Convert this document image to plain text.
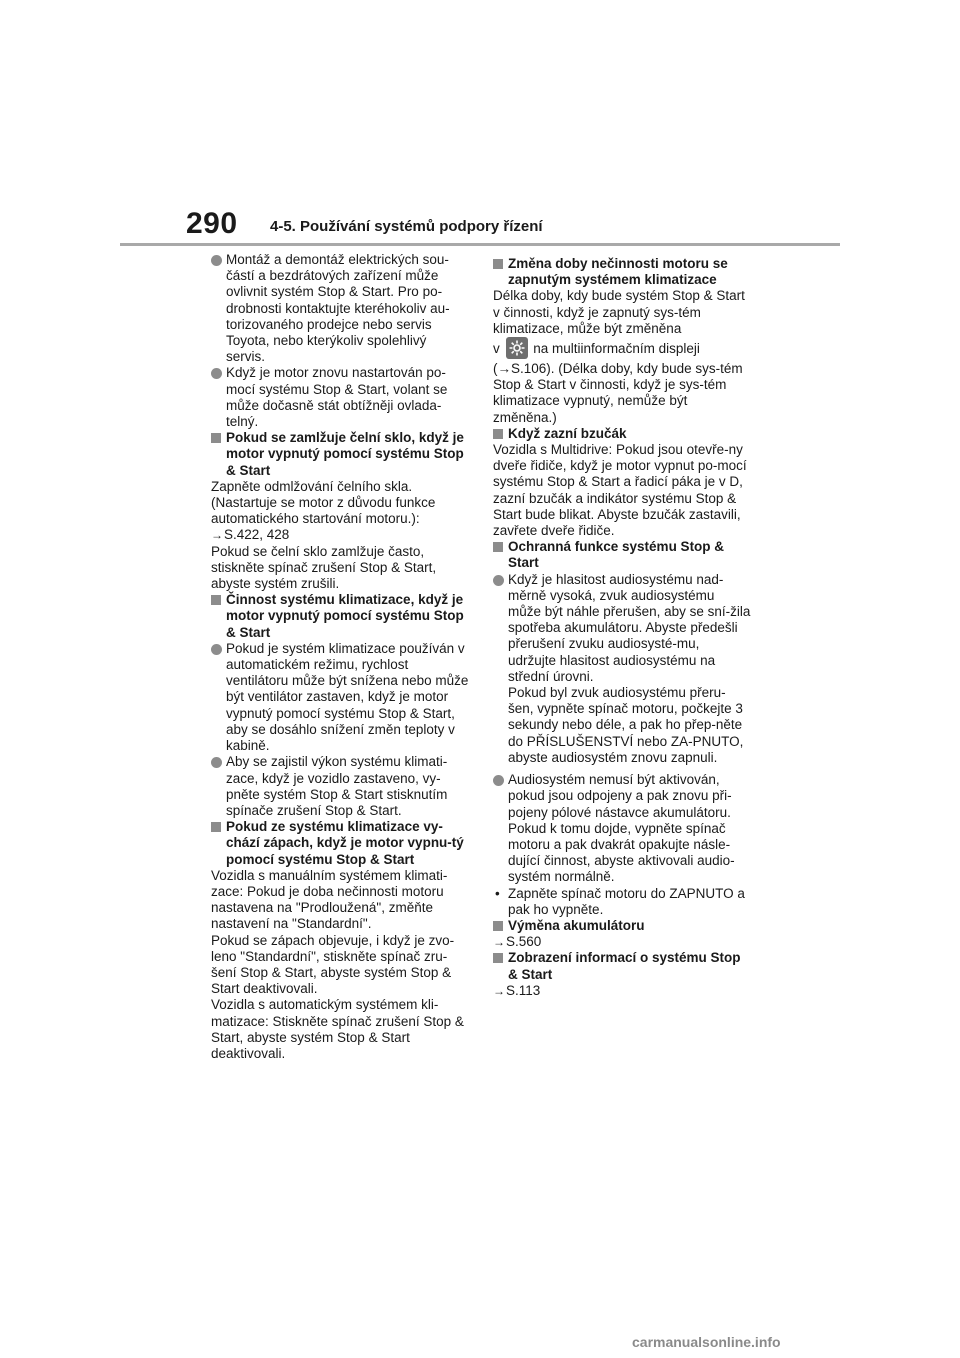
290 4-5. Používání systémů podpory řízení

Montáž a demontáž elektrických sou-částí a bezdrátových zařízení může ovlivnit systém Stop & Start. Pro po-drobnosti kontaktujte kteréhokoliv au-torizovaného prodejce nebo servis Toyota, nebo kterýkoliv spolehlivý servis.

Když je motor znovu nastartován po-mocí systému Stop & Start, volant se může dočasně stát obtížněji ovlada-telný.

Pokud se zamlžuje čelní sklo, když je motor vypnutý pomocí systému Stop & Start

Zapněte odmlžování čelního skla. (Nastartuje se motor z důvodu funkce automatického startování motoru.):

→ S.422, 428

Pokud se čelní sklo zamlžuje často, stiskněte spínač zrušení Stop & Start, abyste systém zrušili.

Činnost systému klimatizace, když je motor vypnutý pomocí systému Stop & Start

Pokud je systém klimatizace používán v automatickém režimu, rychlost ventilátoru může být snížena nebo může být ventilátor zastaven, když je motor vypnutý pomocí systému Stop & Start, aby se dosáhlo snížení změn teploty v kabině.

Aby se zajistil výkon systému klimati-zace, když je vozidlo zastaveno, vy-pněte systém Stop & Start stisknutím spínače zrušení Stop & Start.

Pokud ze systému klimatizace vy-chází zápach, když je motor vypnu-tý pomocí systému Stop & Start

Vozidla s manuálním systémem klimati-zace: Pokud je doba nečinnosti motoru nastavena na "Prodloužená", změňte nastavení na "Standardní".

Pokud se zápach objevuje, i když je zvo-leno "Standardní", stiskněte spínač zru-šení Stop & Start, abyste systém Stop & Start deaktivovali.

Vozidla s automatickým systémem kli-matizace: Stiskněte spínač zrušení Stop & Start, abyste systém Stop & Start deaktivovali.

Změna doby nečinnosti motoru se zapnutým systémem klimatizace

Délka doby, kdy bude systém Stop & Start v činnosti, když je zapnutý sys-tém klimatizace, může být změněna

v na multiinformačním displeji

(→S.106). (Délka doby, kdy bude sys-tém Stop & Start v činnosti, když je sys-tém klimatizace vypnutý, nemůže být změněna.)

Když zazní bzučák

Vozidla s Multidrive: Pokud jsou otevře-ny dveře řidiče, když je motor vypnut po-mocí systému Stop & Start a řadicí páka je v D, zazní bzučák a indikátor systému Stop & Start bude blikat. Abyste bzučák zastavili, zavřete dveře řidiče.

Ochranná funkce systému Stop & Start

Když je hlasitost audiosystému nad-měrně vysoká, zvuk audiosystému může být náhle přerušen, aby se sní-žila spotřeba akumulátoru. Abyste předešli přerušení zvuku audiosysté-mu, udržujte hlasitost audiosystému na střední úrovni.

Pokud byl zvuk audiosystému přeru-šen, vypněte spínač motoru, počkejte 3 sekundy nebo déle, a pak ho přep-něte do PŘÍSLUŠENSTVÍ nebo ZA-PNUTO, abyste audiosystém znovu zapnuli.

Audiosystém nemusí být aktivován, pokud jsou odpojeny a pak znovu při-pojeny pólové nástavce akumulátoru. Pokud k tomu dojde, vypněte spínač motoru a pak dvakrát opakujte násle-dující činnost, abyste aktivovali audio-systém normálně.

• Zapněte spínač motoru do ZAPNUTO a pak ho vypněte.

Výměna akumulátoru

→ S.560

Zobrazení informací o systému Stop & Start

→ S.113

carmanualsonline.info
